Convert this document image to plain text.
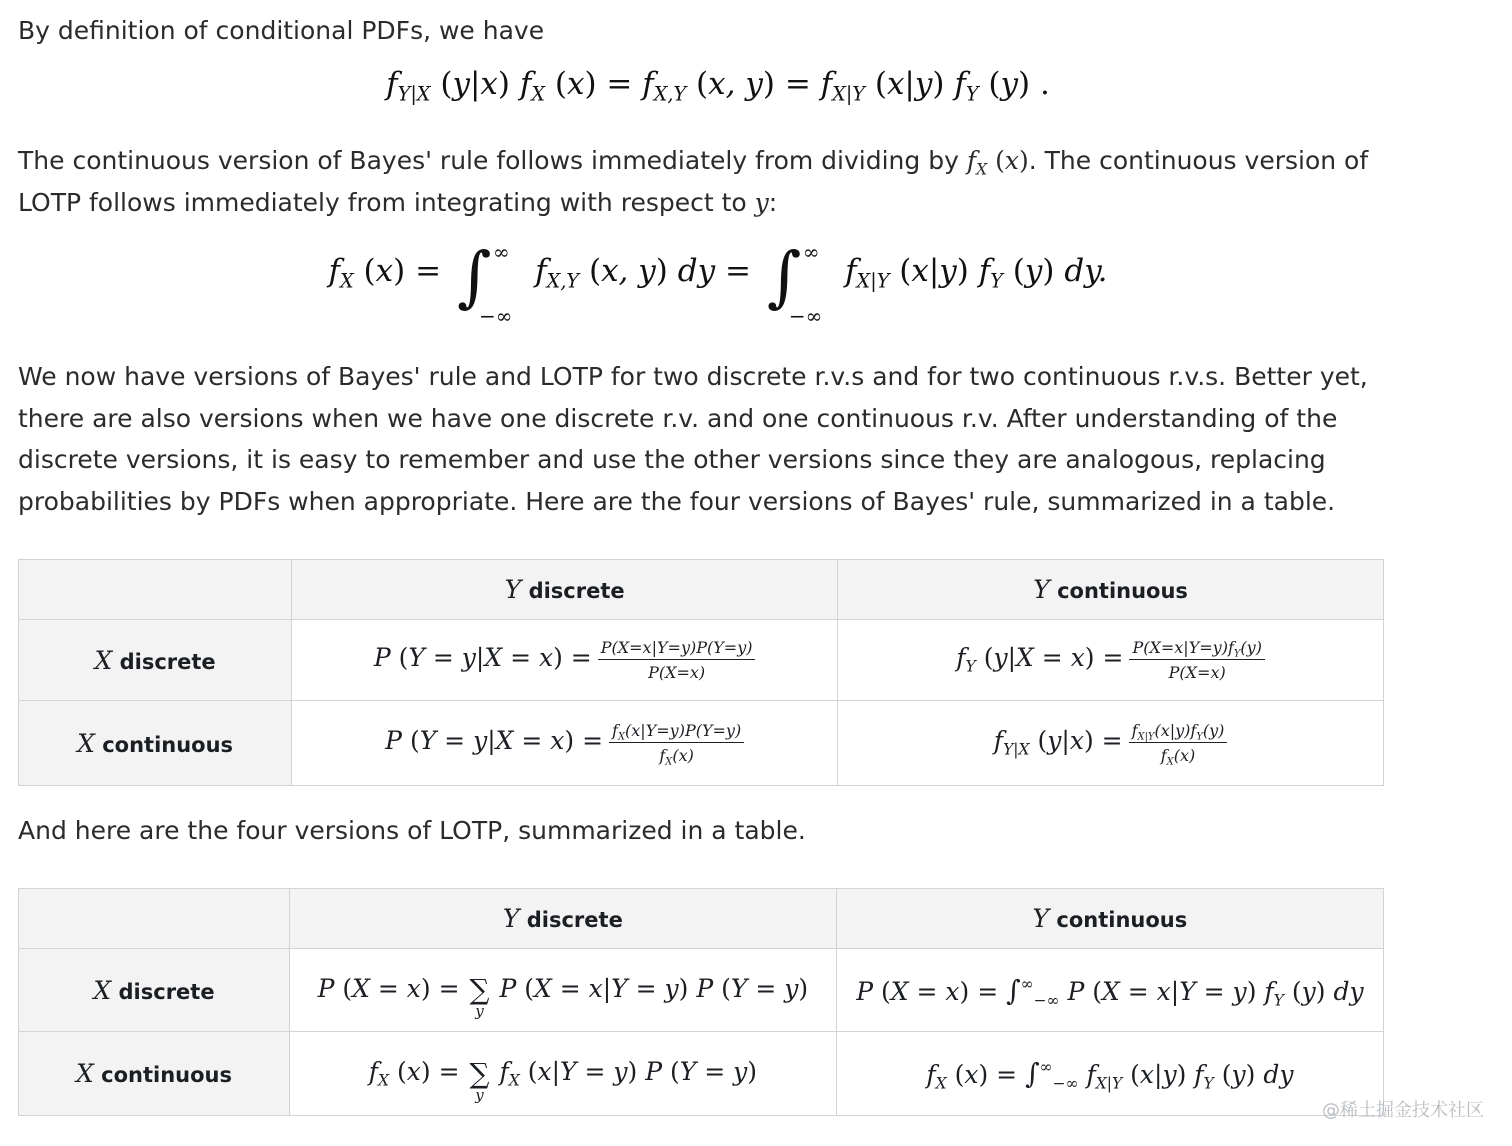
By definition of conditional PDFs, we have

$f_{Y|X}$ (y|x) $f_X$ $(x) = f_{X,Y}$ (x, $y) = f_{X|Y}$ (x|y) $f_Y$ (y) .

The continuous version of Bayes' rule follows immediately from dividing by $f_X$ (x). The continuous version of LOTP follows immediately from integrating with respect to y:

$f_X$ (x) = ∫ ∞
−∞
$f_{X,Y}$ (x, y) dy = ∫ ∞
−∞
$f_{X|Y}$ (x|y) $f_Y$ (y) dy.

We now have versions of Bayes' rule and LOTP for two discrete r.v.s and for two continuous r.v.s. Better yet, there are also versions when we have one discrete r.v. and one continuous r.v. After understanding of the discrete versions, it is easy to remember and use the other versions since they are analogous, replacing probabilities by PDFs when appropriate. Here are the four versions of Bayes' rule, summarized in a table.

	Y discrete	Y continuous
X discrete	P $(Y = y|X = x) = \frac{P(X=x|Y=y)P(Y=y)}{P(X=x)}$	$f_Y$ $(y|X = x) = \frac{P(X=x|Y=y)f_Y(y)}{P(X=x)}$

X continuous	P $(Y = y|X = x) = \frac{f_X(x|Y=y)P(Y=y)}{f_X(x)}$	$f_{Y|X}$ $(y|x) = \frac{f_{X|Y}(x|y)f_Y(y)}{f_X(x)}$

And here are the four versions of LOTP, summarized in a table.

	Y discrete	Y continuous
X discrete	P (X = x) = ∑
y
P (X = x|Y = y) P (Y = y)	P $(X = x) = \int^\infty_{-\infty}$ P (X = x|Y = y) $f_Y$ (y) dy
X continuous	$f_X$ (x) = ∑
y
$f_X$ (x|Y = y) P (Y = y)	$f_X$ $(x) = \int^\infty_{-\infty}$ $f_{X|Y}$ (x|y) $f_Y$ (y) dy
@稀土掘金技术社区
